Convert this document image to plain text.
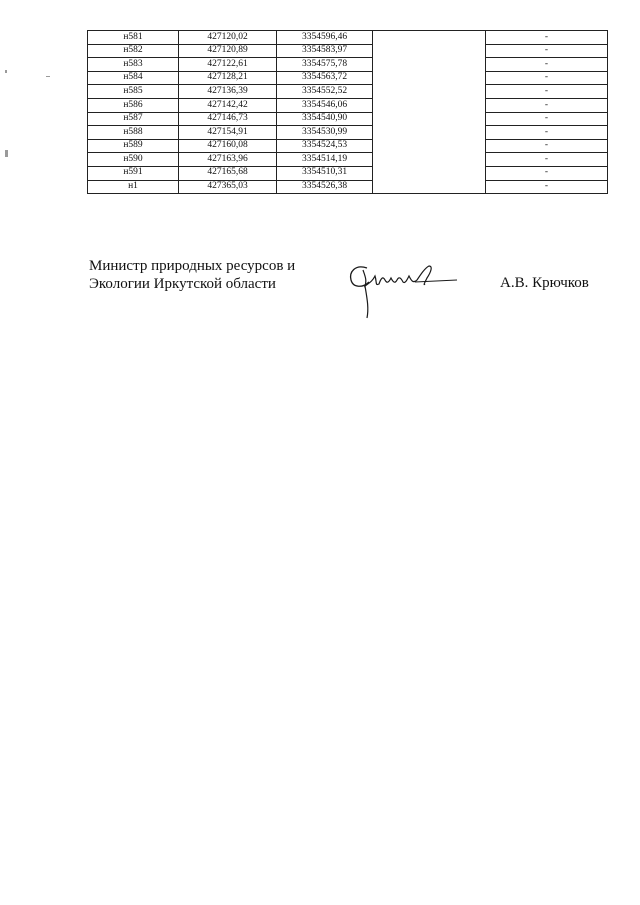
н581	427120,02	3354596,46		-
н582	427120,89	3354583,97		-
н583	427122,61	3354575,78		-
н584	427128,21	3354563,72		-
н585	427136,39	3354552,52		-
н586	427142,42	3354546,06		-
н587	427146,73	3354540,90		-
н588	427154,91	3354530,99		-
н589	427160,08	3354524,53		-
н590	427163,96	3354514,19		-
н591	427165,68	3354510,31		-
н1	427365,03	3354526,38		-
Министр природных ресурсов и
Экологии Иркутской области	А.В. Крючков
